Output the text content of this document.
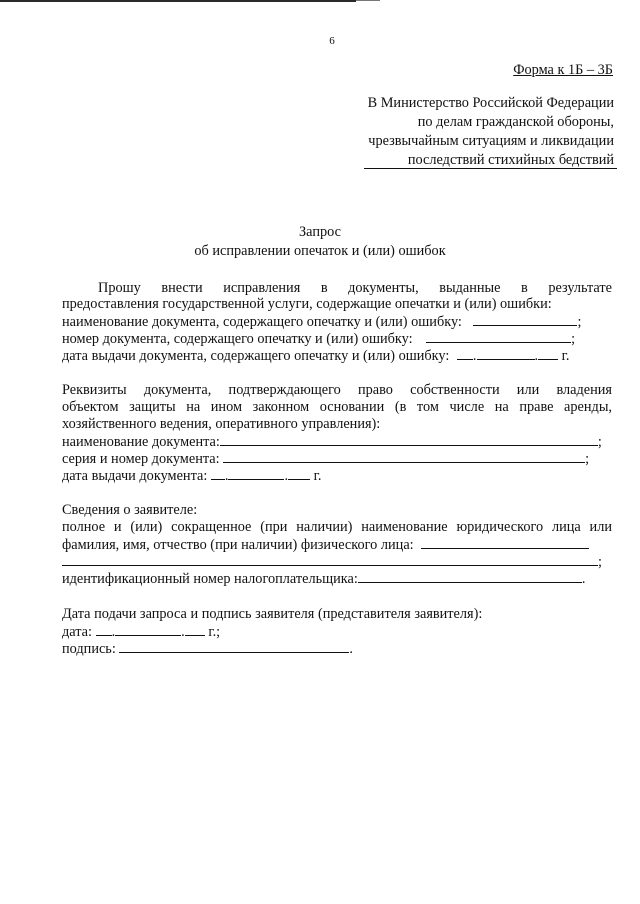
6
Форма к 1Б – 3Б
В Министерство Российской Федерации
по делам гражданской обороны,
чрезвычайным ситуациям и ликвидации
последствий стихийных бедствий
Запрос
об исправлении опечаток и (или) ошибок
Прошу внести исправления в документы, выданные в результате
предоставления государственной услуги, содержащие опечатки и (или) ошибки:
наименование документа, содержащего опечатку и (или) ошибку:	;
номер документа, содержащего опечатку и (или) ошибку:	;
дата выдачи документа, содержащего опечатку и (или) ошибку: .	. г.
Реквизиты документа, подтверждающего право собственности или владения
объектом защиты на ином законном основании (в том числе на праве аренды,
хозяйственного ведения, оперативного управления):
наименование документа:	;
серия и номер документа:	;
дата выдачи документа: .	. г.
Сведения о заявителе:
полное и (или) сокращенное (при наличии) наименование юридического лица или
фамилия, имя, отчество (при наличии) физического лица:
;
идентификационный номер налогоплательщика:	.
Дата подачи запроса и подпись заявителя (представителя заявителя):
дата: .	. г.;
подпись:	.
